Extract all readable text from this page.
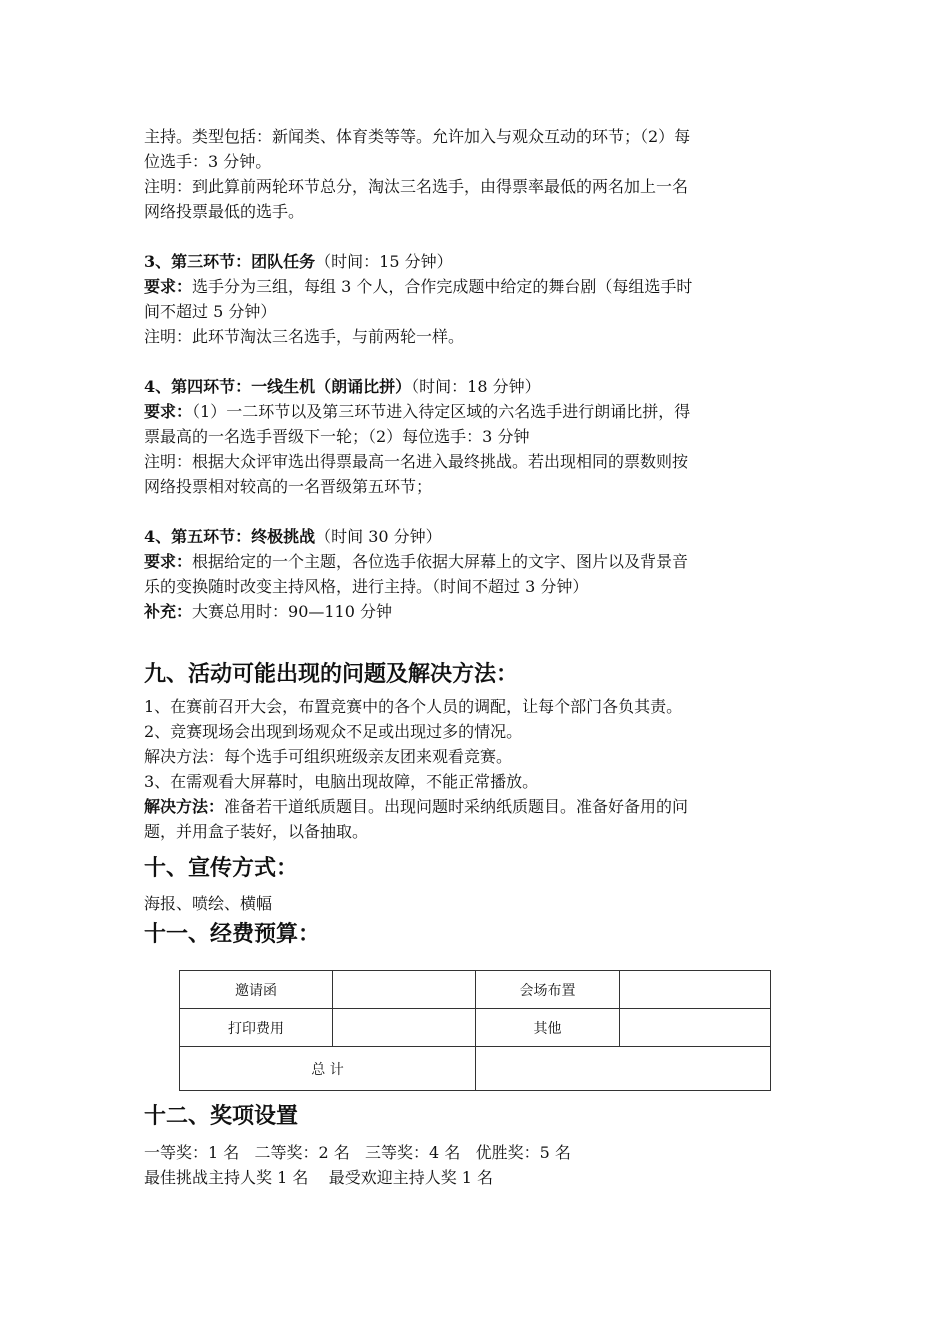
主持。类型包括：新闻类、体育类等等。允许加入与观众互动的环节；（2）每

位选手：3 分钟。

注明：到此算前两轮环节总分，淘汰三名选手，由得票率最低的两名加上一名

网络投票最低的选手。

3、第三环节：团队任务（时间：15 分钟）

要求：选手分为三组，每组 3 个人，合作完成题中给定的舞台剧（每组选手时

间不超过 5 分钟）

注明：此环节淘汰三名选手，与前两轮一样。

4、第四环节：一线生机（朗诵比拼）（时间：18 分钟）

要求：（1）一二环节以及第三环节进入待定区域的六名选手进行朗诵比拼，得

票最高的一名选手晋级下一轮；（2）每位选手：3 分钟

注明：根据大众评审选出得票最高一名进入最终挑战。若出现相同的票数则按

网络投票相对较高的一名晋级第五环节；

4、第五环节：终极挑战（时间 30 分钟）

要求：根据给定的一个主题，各位选手依据大屏幕上的文字、图片以及背景音

乐的变换随时改变主持风格，进行主持。（时间不超过 3 分钟）

补充：大赛总用时：90—110 分钟

九、活动可能出现的问题及解决方法：

1、在赛前召开大会，布置竞赛中的各个人员的调配，让每个部门各负其责。

2、竞赛现场会出现到场观众不足或出现过多的情况。

解决方法：每个选手可组织班级亲友团来观看竞赛。

3、在需观看大屏幕时，电脑出现故障，不能正常播放。

解决方法：准备若干道纸质题目。出现问题时采纳纸质题目。准备好备用的问

题，并用盒子装好，以备抽取。

十、宣传方式：

海报、喷绘、横幅

十一、经费预算：
邀请函		会场布置	
打印费用		其他	
总 计			
十二、奖项设置

一等奖：1 名   二等奖：2 名   三等奖：4 名   优胜奖：5 名

最佳挑战主持人奖 1 名    最受欢迎主持人奖 1 名
